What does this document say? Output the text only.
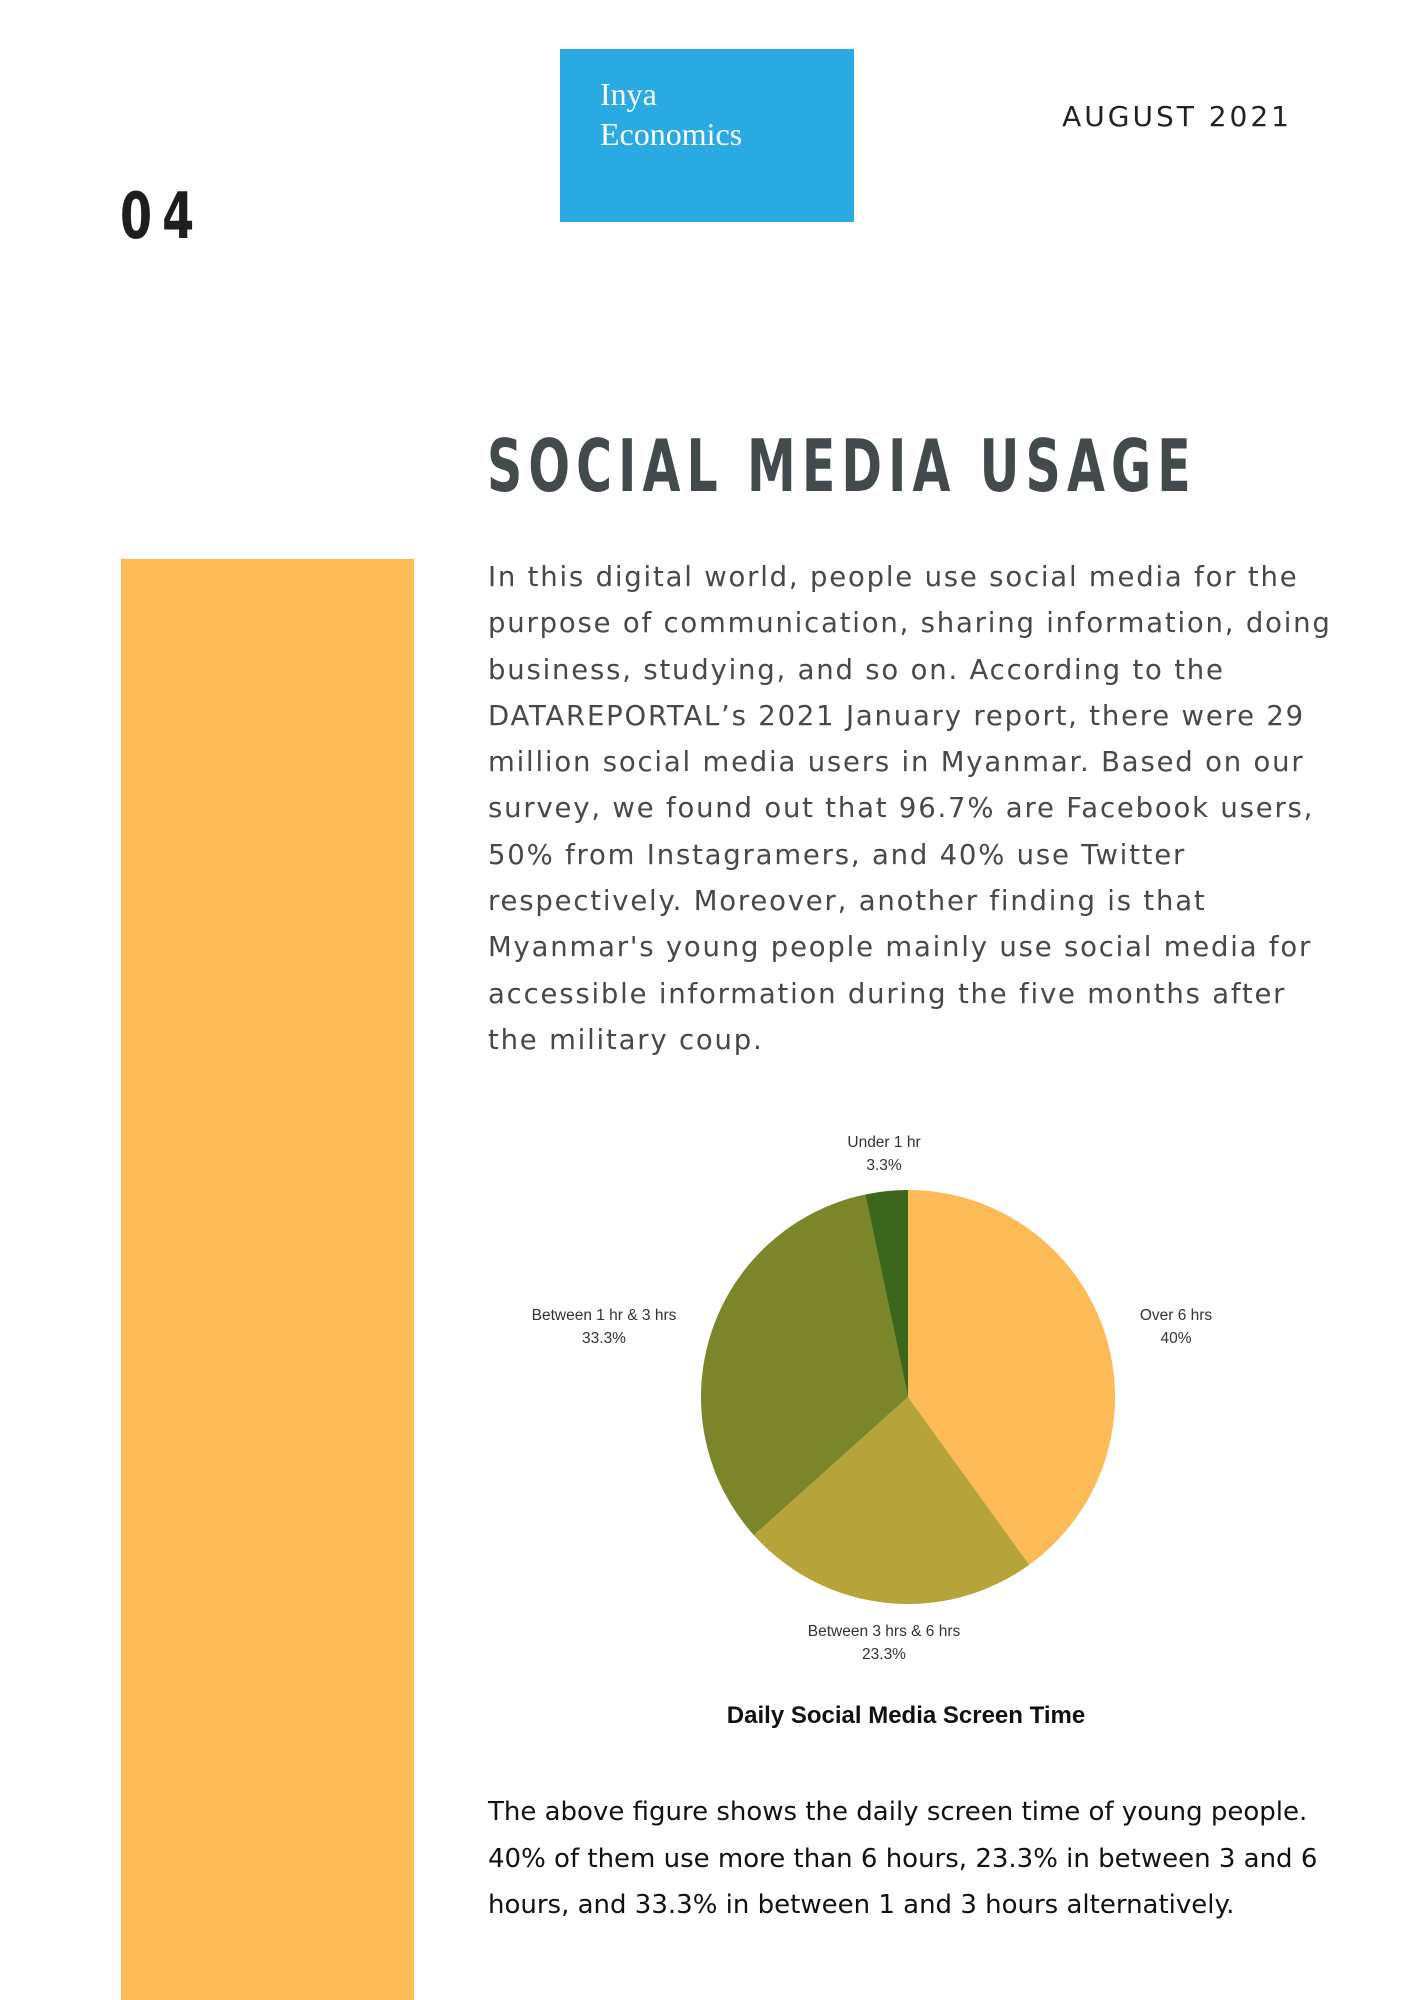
Inya
Economics	AUGUST 2021
04
SOCIAL MEDIA USAGE

In this digital world, people use social media for the purpose of communication, sharing information, doing business, studying, and so on. According to the DATAREPORTAL’s 2021 January report, there were 29 million social media users in Myanmar. Based on our survey, we found out that 96.7% are Facebook users, 50% from Instagramers, and 40% use Twitter respectively. Moreover, another finding is that Myanmar's young people mainly use social media for accessible information during the five months after the military coup.

Over 6 hrs
40%
Between 3 hrs & 6 hrs
23.3%
Between 1 hr & 3 hrs
33.3%
Under 1 hr
3.3%
Daily Social Media Screen Time

The above figure shows the daily screen time of young people. 40% of them use more than 6 hours, 23.3% in between 3 and 6 hours, and 33.3% in between 1 and 3 hours alternatively.
